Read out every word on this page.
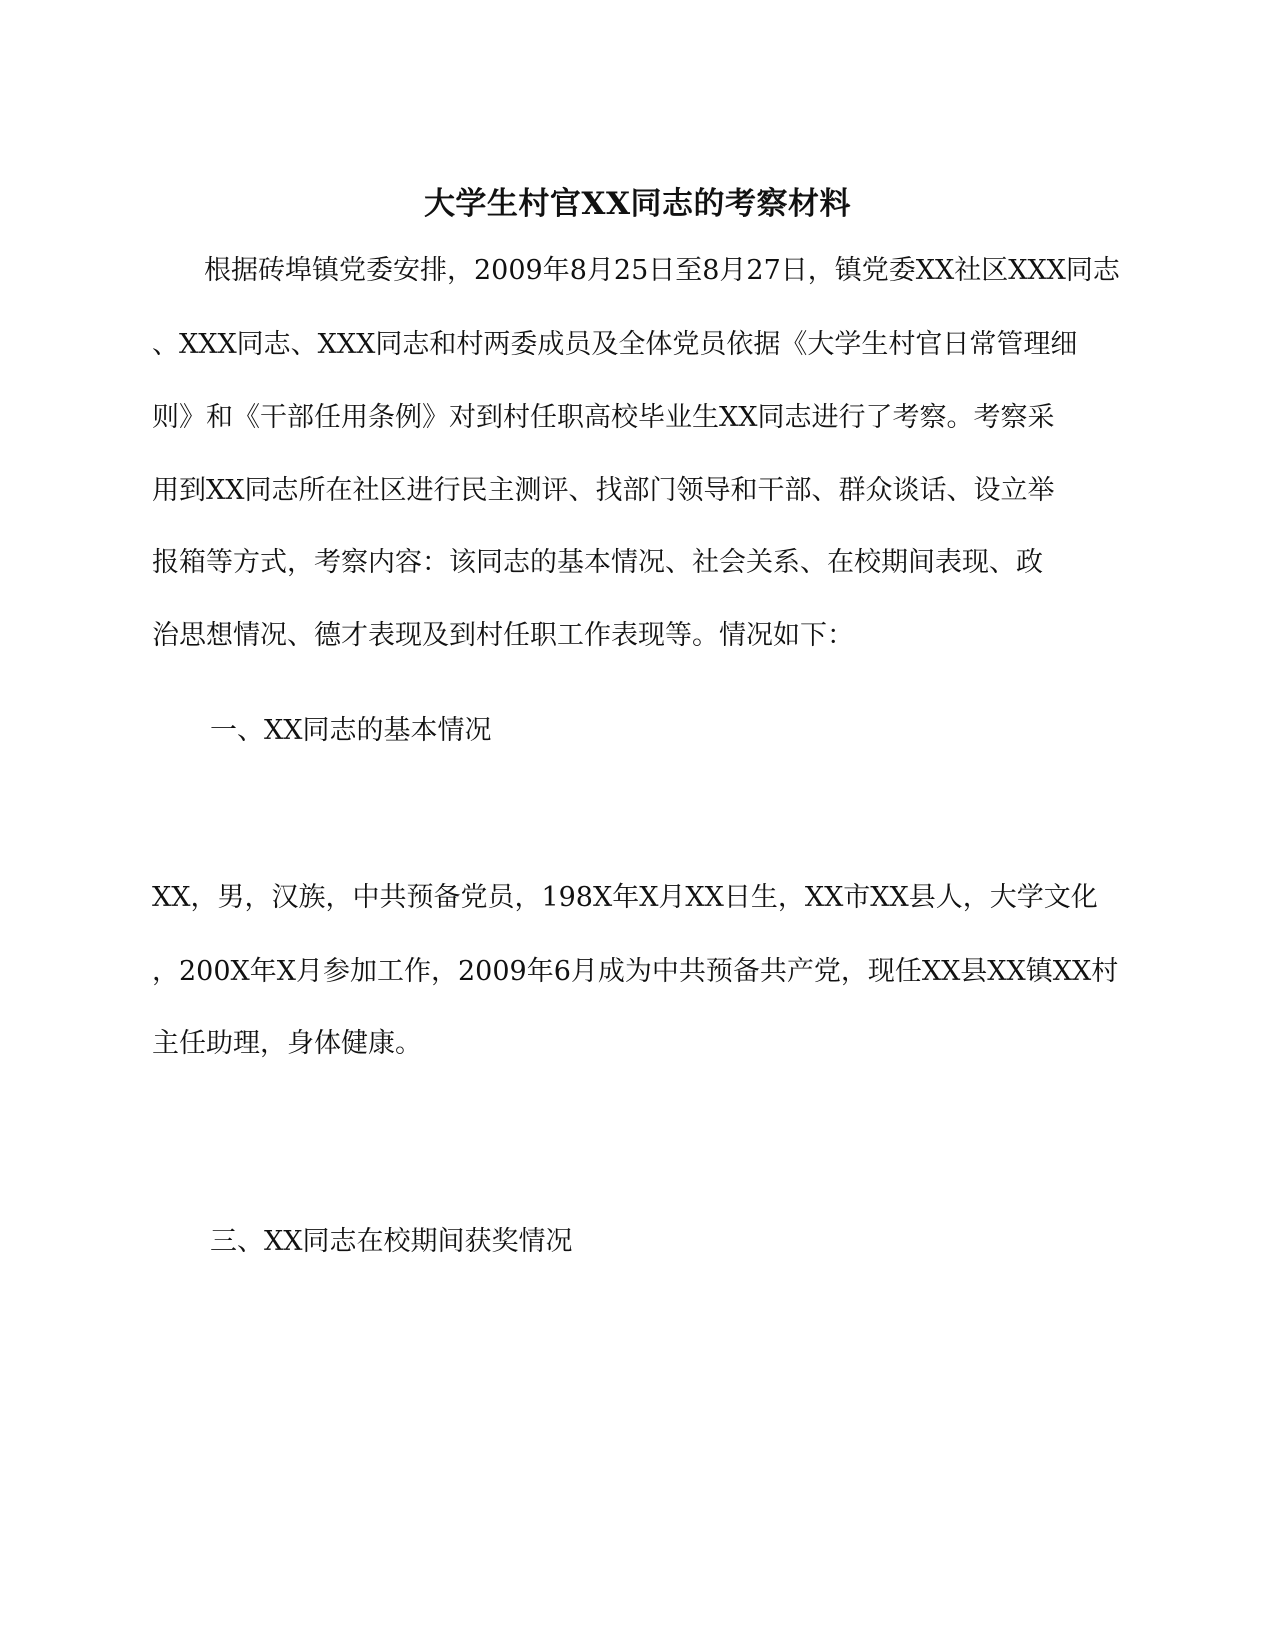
大学生村官XX同志的考察材料

根据砖埠镇党委安排，2009年8月25日至8月27日，镇党委XX社区XXX同志

、XXX同志、XXX同志和村两委成员及全体党员依据《大学生村官日常管理细

则》和《干部任用条例》对到村任职高校毕业生XX同志进行了考察。考察采

用到XX同志所在社区进行民主测评、找部门领导和干部、群众谈话、设立举

报箱等方式，考察内容：该同志的基本情况、社会关系、在校期间表现、政

治思想情况、德才表现及到村任职工作表现等。情况如下：

一、XX同志的基本情况

XX，男，汉族，中共预备党员，198X年X月XX日生，XX市XX县人，大学文化

，200X年X月参加工作，2009年6月成为中共预备共产党，现任XX县XX镇XX村

主任助理，身体健康。

三、XX同志在校期间获奖情况
